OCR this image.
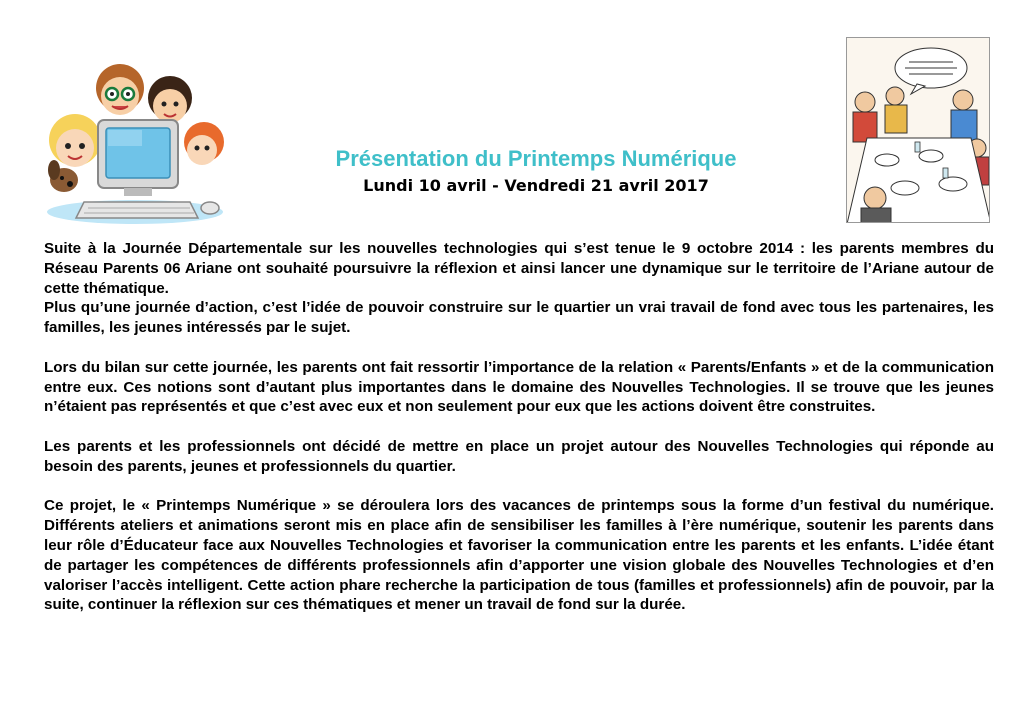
Présentation du Printemps Numérique
Lundi 10 avril - Vendredi 21 avril 2017

Suite à la Journée Départementale sur les nouvelles technologies qui s’est tenue le 9 octobre 2014 : les parents membres du Réseau Parents 06 Ariane ont souhaité poursuivre la réflexion et ainsi lancer une dynamique sur le territoire de l’Ariane autour de cette thématique.

Plus qu’une journée d’action, c’est l’idée de pouvoir construire sur le quartier un vrai travail de fond avec tous les partenaires, les familles, les jeunes intéressés par le sujet.

Lors du bilan sur cette journée, les parents ont fait ressortir l’importance de la relation « Parents/Enfants » et de la communication entre eux. Ces notions sont d’autant plus importantes dans le domaine des Nouvelles Technologies. Il se trouve que les jeunes n’étaient pas représentés et que c’est avec eux et non seulement pour eux que les actions doivent être construites.

Les parents et les professionnels ont décidé de mettre en place un projet autour des Nouvelles Technologies qui réponde au besoin des parents, jeunes et professionnels du quartier.

Ce projet, le « Printemps Numérique » se déroulera lors des vacances de printemps sous la forme d’un festival du numérique. Différents ateliers et animations seront mis en place afin de sensibiliser les familles à l’ère numérique, soutenir les parents dans leur rôle d’Éducateur face aux Nouvelles Technologies et favoriser la communication entre les parents et les enfants. L’idée étant de partager les compétences de différents professionnels afin d’apporter une vision globale des Nouvelles Technologies et d’en valoriser l’accès intelligent. Cette action phare recherche la participation de tous (familles et professionnels) afin de pouvoir, par la suite, continuer la réflexion sur ces thématiques et mener un travail de fond sur la durée.
